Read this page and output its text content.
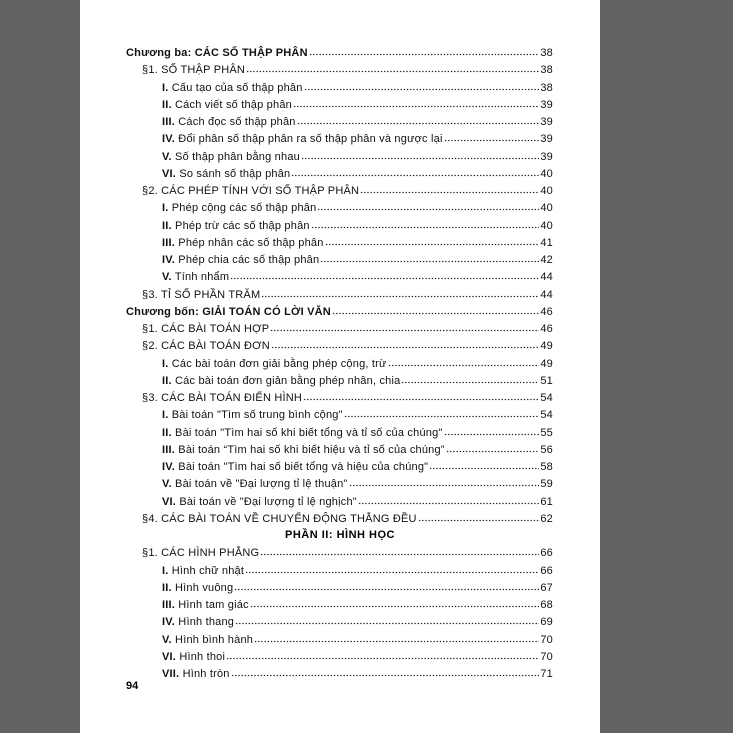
Chương ba: CÁC SỐ THẬP PHÂN	38
§1. SỐ THẬP PHÂN	38
I. Cấu tạo của số thập phân	38
II. Cách viết số thập phân	39
III. Cách đọc số thập phân	39
IV. Đổi phân số thập phân ra số thập phân và ngược lại	39
V. Số thập phân bằng nhau	39
VI. So sánh số thập phân	40
§2. CÁC PHÉP TÍNH VỚI SỐ THẬP PHÂN	40
I. Phép cộng các số thập phân	40
II. Phép trừ các số thập phân	40
III. Phép nhân các số thập phân	41
IV. Phép chia các số thập phân	42
V. Tính nhẩm	44
§3. TỈ SỐ PHẦN TRĂM	44
Chương bốn: GIẢI TOÁN CÓ LỜI VĂN	46
§1. CÁC BÀI TOÁN HỢP	46
§2. CÁC BÀI TOÁN ĐƠN	49
I. Các bài toán đơn giải bằng phép cộng, trừ	49
II. Các bài toán đơn giản bằng phép nhân, chia	51
§3. CÁC BÀI TOÁN ĐIỂN HÌNH	54
I. Bài toán "Tìm số trung bình cộng"	54
II. Bài toán "Tìm hai số khi biết tổng và tỉ số của chúng"	55
III. Bài toán “Tìm hai số khi biết hiệu và tỉ số của chúng”	56
IV. Bài toán "Tìm hai số biết tổng và hiệu của chúng"	58
V. Bài toán về "Đại lượng tỉ lệ thuận"	59
VI. Bài toán về "Đại lượng tỉ lệ nghịch"	61
§4. CÁC BÀI TOÁN VỀ CHUYỂN ĐỘNG THẲNG ĐỀU	62
PHẦN II: HÌNH HỌC
§1. CÁC HÌNH PHẲNG	66
I. Hình chữ nhật	66
II. Hình vuông	67
III. Hình tam giác	68
IV. Hình thang	69
V. Hình bình hành	70
VI. Hình thoi	70
VII. Hình tròn	71
94
